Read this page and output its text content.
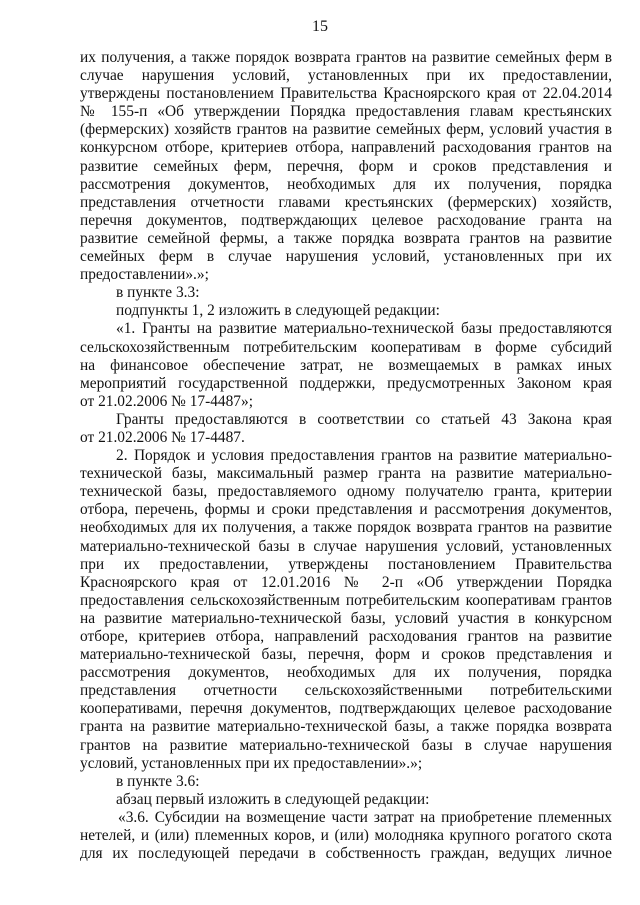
15
их получения, а также порядок возврата грантов на развитие семейных ферм в
случае нарушения условий, установленных при их предоставлении,
утверждены постановлением Правительства Красноярского края от 22.04.2014
№ 155-п «Об утверждении Порядка предоставления главам крестьянских
(фермерских) хозяйств грантов на развитие семейных ферм, условий участия в
конкурсном отборе, критериев отбора, направлений расходования грантов на
развитие семейных ферм, перечня, форм и сроков представления и
рассмотрения документов, необходимых для их получения, порядка
представления отчетности главами крестьянских (фермерских) хозяйств,
перечня документов, подтверждающих целевое расходование гранта на
развитие семейной фермы, а также порядка возврата грантов на развитие
семейных ферм в случае нарушения условий, установленных при их
предоставлении».»;
в пункте 3.3:
подпункты 1, 2 изложить в следующей редакции:
«1. Гранты на развитие материально-технической базы предоставляются
сельскохозяйственным потребительским кооперативам в форме субсидий
на финансовое обеспечение затрат, не возмещаемых в рамках иных
мероприятий государственной поддержки, предусмотренных Законом края
от 21.02.2006 № 17-4487»;
Гранты предоставляются в соответствии со статьей 43 Закона края
от 21.02.2006 № 17-4487.
2. Порядок и условия предоставления грантов на развитие материально-
технической базы, максимальный размер гранта на развитие материально-
технической базы, предоставляемого одному получателю гранта, критерии
отбора, перечень, формы и сроки представления и рассмотрения документов,
необходимых для их получения, а также порядок возврата грантов на развитие
материально-технической базы в случае нарушения условий, установленных
при их предоставлении, утверждены постановлением Правительства
Красноярского края от 12.01.2016 № 2-п «Об утверждении Порядка
предоставления сельскохозяйственным потребительским кооперативам грантов
на развитие материально-технической базы, условий участия в конкурсном
отборе, критериев отбора, направлений расходования грантов на развитие
материально-технической базы, перечня, форм и сроков представления и
рассмотрения документов, необходимых для их получения, порядка
представления отчетности сельскохозяйственными потребительскими
кооперативами, перечня документов, подтверждающих целевое расходование
гранта на развитие материально-технической базы, а также порядка возврата
грантов на развитие материально-технической базы в случае нарушения
условий, установленных при их предоставлении».»;
в пункте 3.6:
абзац первый изложить в следующей редакции:
«3.6. Субсидии на возмещение части затрат на приобретение племенных
нетелей, и (или) племенных коров, и (или) молодняка крупного рогатого скота
для их последующей передачи в собственность граждан, ведущих личное
